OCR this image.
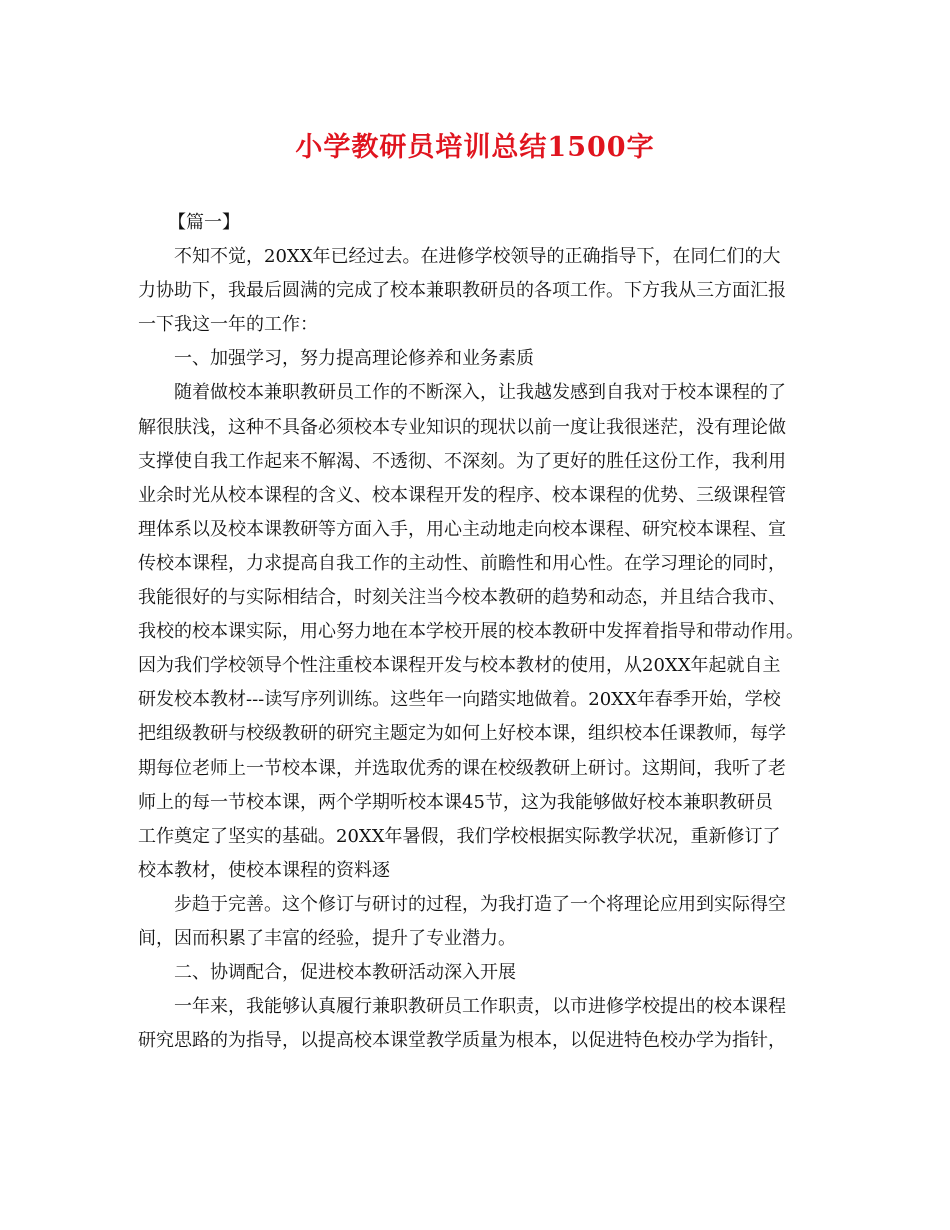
小学教研员培训总结1500字
【篇一】
不知不觉，20XX年已经过去。在进修学校领导的正确指导下，在同仁们的大
力协助下，我最后圆满的完成了校本兼职教研员的各项工作。下方我从三方面汇报
一下我这一年的工作：
一、加强学习，努力提高理论修养和业务素质
随着做校本兼职教研员工作的不断深入，让我越发感到自我对于校本课程的了
解很肤浅，这种不具备必须校本专业知识的现状以前一度让我很迷茫，没有理论做
支撑使自我工作起来不解渴、不透彻、不深刻。为了更好的胜任这份工作，我利用
业余时光从校本课程的含义、校本课程开发的程序、校本课程的优势、三级课程管
理体系以及校本课教研等方面入手，用心主动地走向校本课程、研究校本课程、宣
传校本课程，力求提高自我工作的主动性、前瞻性和用心性。在学习理论的同时，
我能很好的与实际相结合，时刻关注当今校本教研的趋势和动态，并且结合我市、
我校的校本课实际，用心努力地在本学校开展的校本教研中发挥着指导和带动作用。
因为我们学校领导个性注重校本课程开发与校本教材的使用，从20XX年起就自主
研发校本教材---读写序列训练。这些年一向踏实地做着。20XX年春季开始，学校
把组级教研与校级教研的研究主题定为如何上好校本课，组织校本任课教师，每学
期每位老师上一节校本课，并选取优秀的课在校级教研上研讨。这期间，我听了老
师上的每一节校本课，两个学期听校本课45节，这为我能够做好校本兼职教研员
工作奠定了坚实的基础。20XX年暑假，我们学校根据实际教学状况，重新修订了
校本教材，使校本课程的资料逐
步趋于完善。这个修订与研讨的过程，为我打造了一个将理论应用到实际得空
间，因而积累了丰富的经验，提升了专业潜力。
二、协调配合，促进校本教研活动深入开展
一年来，我能够认真履行兼职教研员工作职责，以市进修学校提出的校本课程
研究思路的为指导，以提高校本课堂教学质量为根本，以促进特色校办学为指针，
